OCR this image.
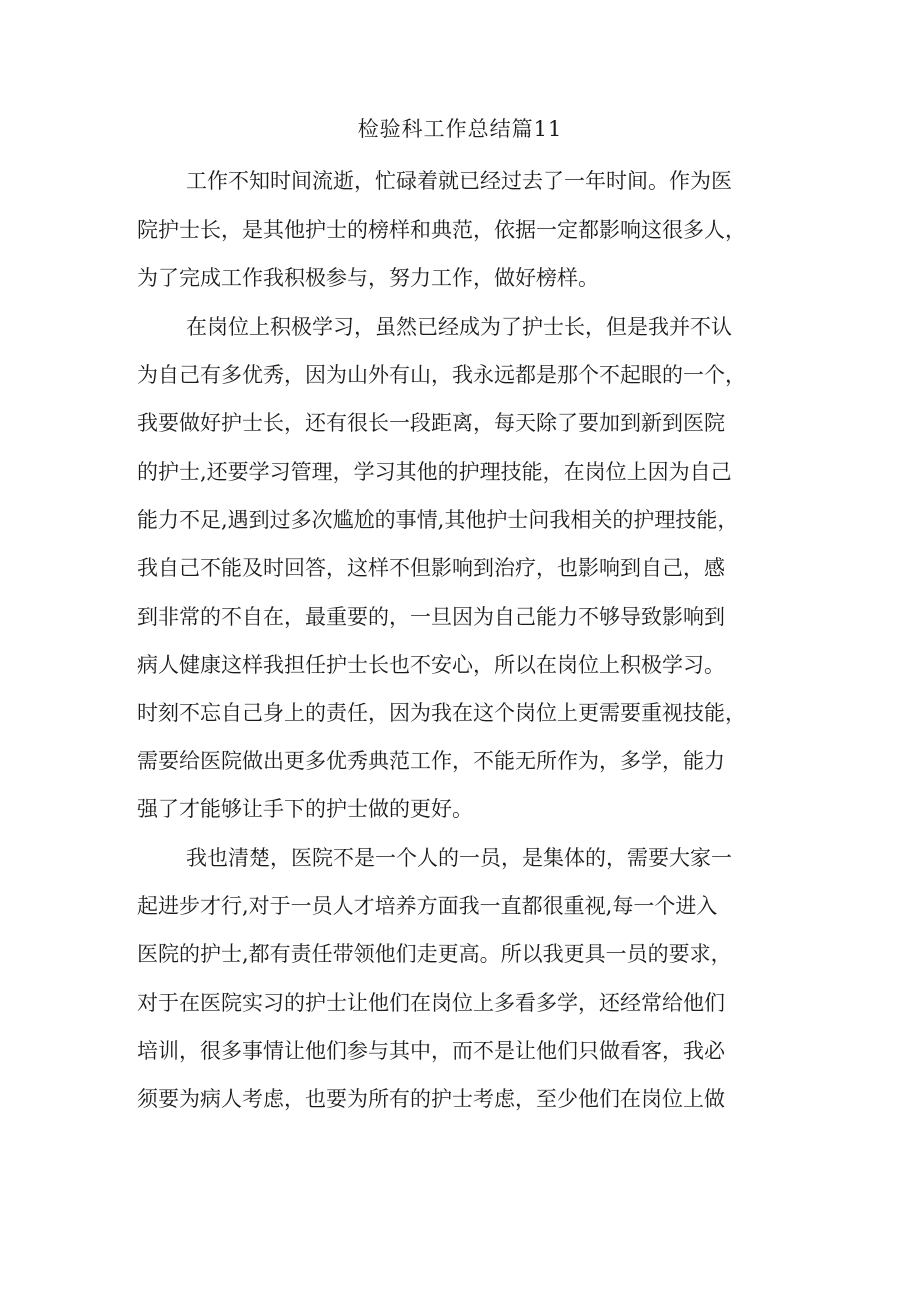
检验科工作总结篇11
工作不知时间流逝，忙碌着就已经过去了一年时间。作为医
院护士长，是其他护士的榜样和典范，依据一定都影响这很多人，
为了完成工作我积极参与，努力工作，做好榜样。
在岗位上积极学习，虽然已经成为了护士长，但是我并不认
为自己有多优秀，因为山外有山，我永远都是那个不起眼的一个，
我要做好护士长，还有很长一段距离，每天除了要加到新到医院
的护士,还要学习管理，学习其他的护理技能，在岗位上因为自己
能力不足,遇到过多次尴尬的事情,其他护士问我相关的护理技能，
我自己不能及时回答，这样不但影响到治疗，也影响到自己，感
到非常的不自在，最重要的，一旦因为自己能力不够导致影响到
病人健康这样我担任护士长也不安心，所以在岗位上积极学习。
时刻不忘自己身上的责任，因为我在这个岗位上更需要重视技能，
需要给医院做出更多优秀典范工作，不能无所作为，多学，能力
强了才能够让手下的护士做的更好。
我也清楚，医院不是一个人的一员，是集体的，需要大家一
起进步才行,对于一员人才培养方面我一直都很重视,每一个进入
医院的护士,都有责任带领他们走更高。所以我更具一员的要求，
对于在医院实习的护士让他们在岗位上多看多学，还经常给他们
培训，很多事情让他们参与其中，而不是让他们只做看客，我必
须要为病人考虑，也要为所有的护士考虑，至少他们在岗位上做
